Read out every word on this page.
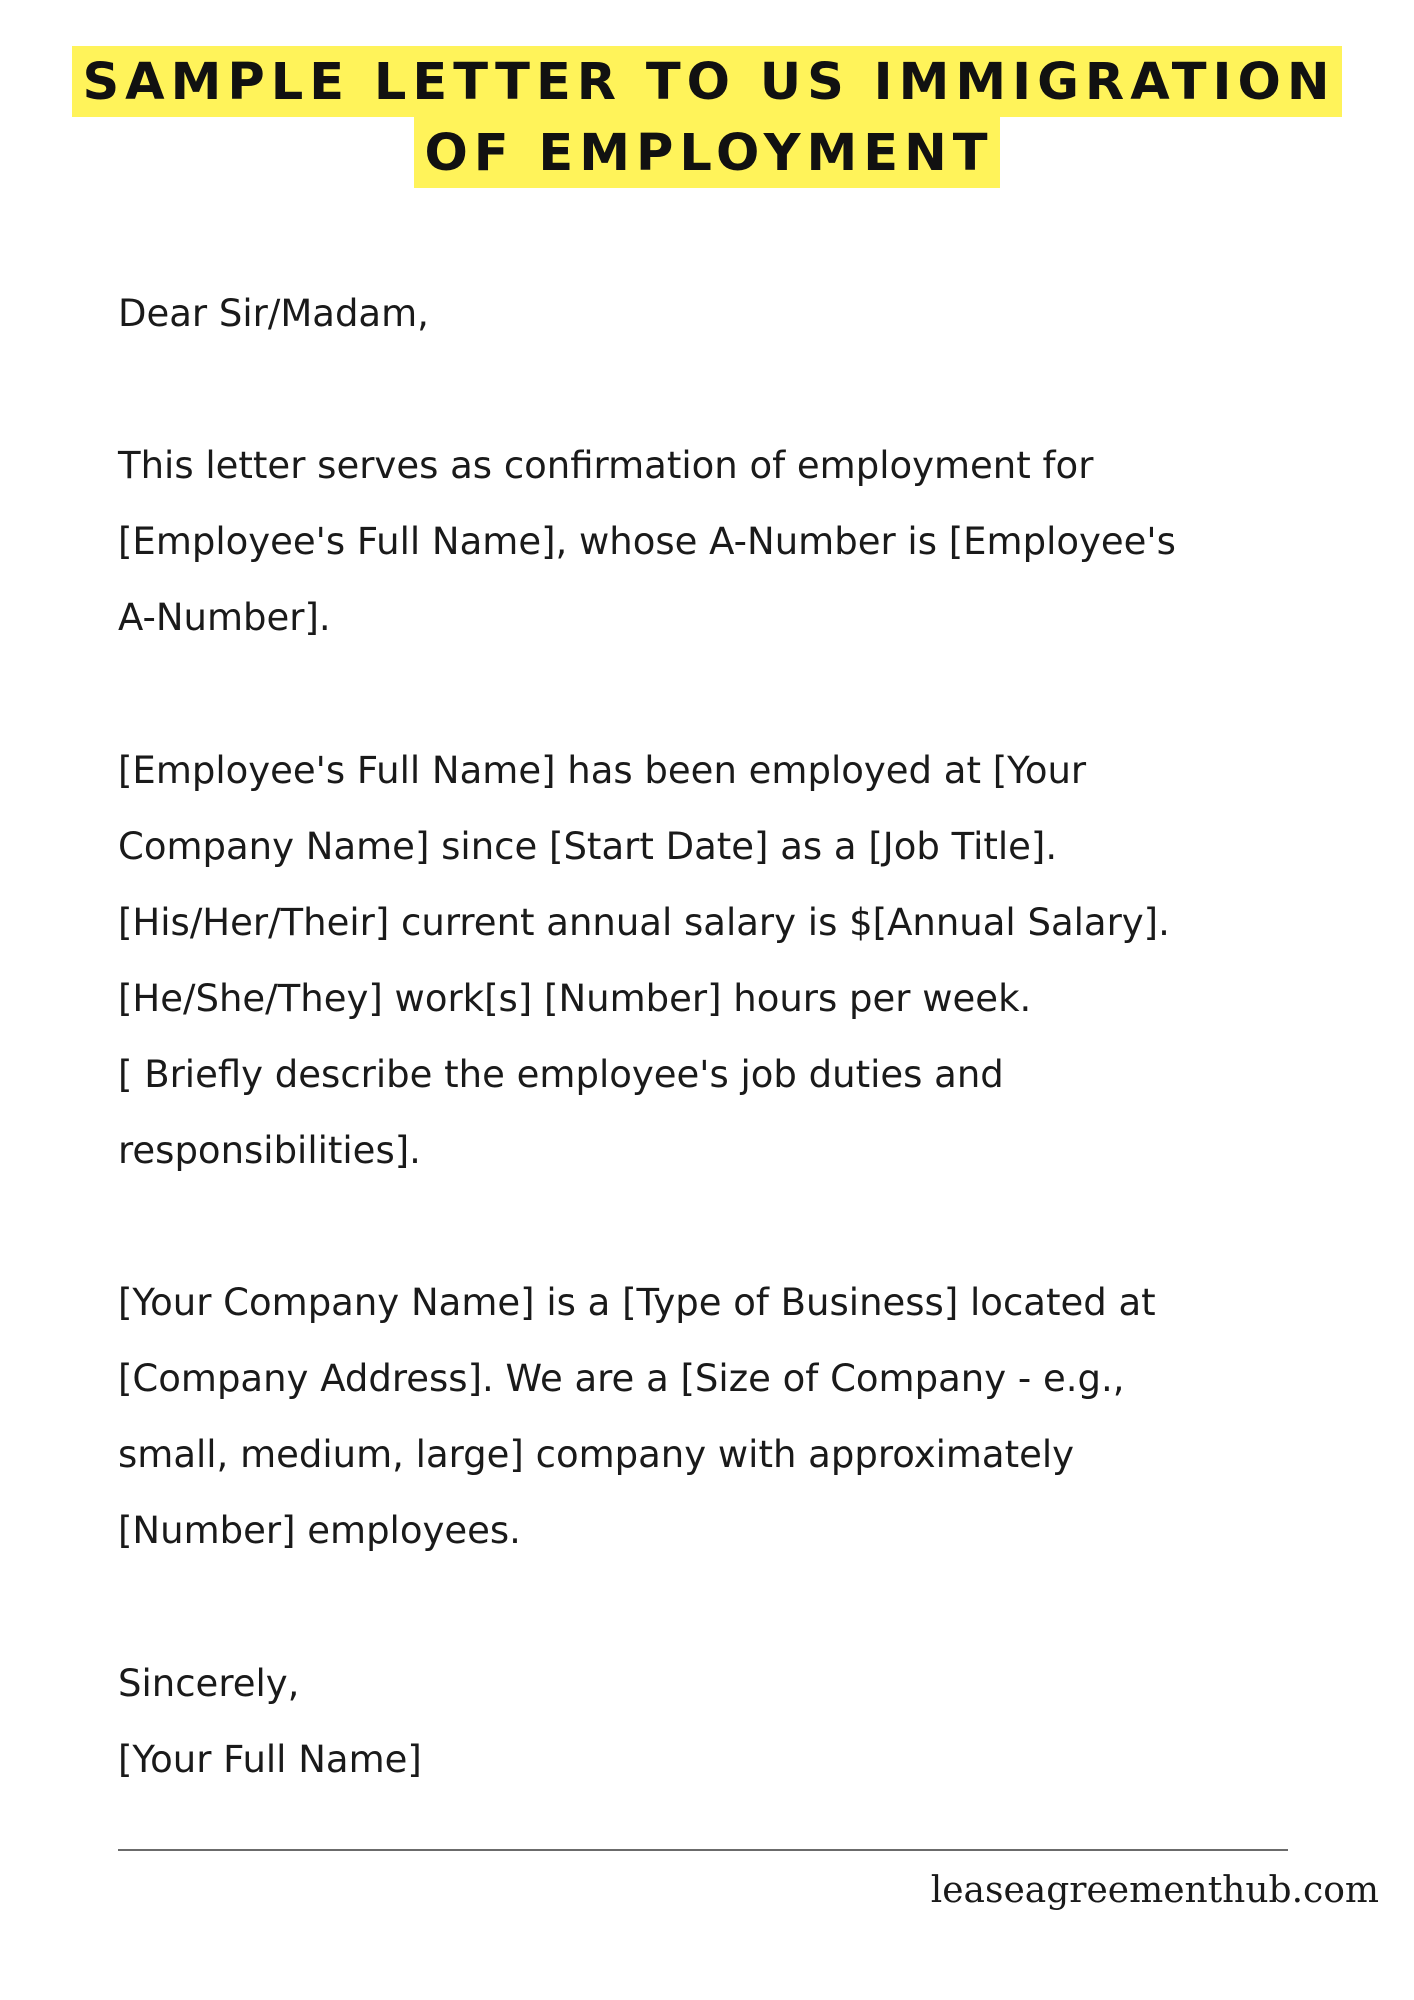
SAMPLE LETTER TO US IMMIGRATION
OF EMPLOYMENT

Dear Sir/Madam,

This letter serves as confirmation of employment for
[Employee's Full Name], whose A-Number is [Employee's
A-Number].

[Employee's Full Name] has been employed at [Your
Company Name] since [Start Date] as a [Job Title].
[His/Her/Their] current annual salary is $[Annual Salary].
[He/She/They] work[s] [Number] hours per week.
[ Briefly describe the employee's job duties and
responsibilities].

[Your Company Name] is a [Type of Business] located at
[Company Address]. We are a [Size of Company - e.g.,
small, medium, large] company with approximately
[Number] employees.

Sincerely,
[Your Full Name]

leaseagreementhub.com
